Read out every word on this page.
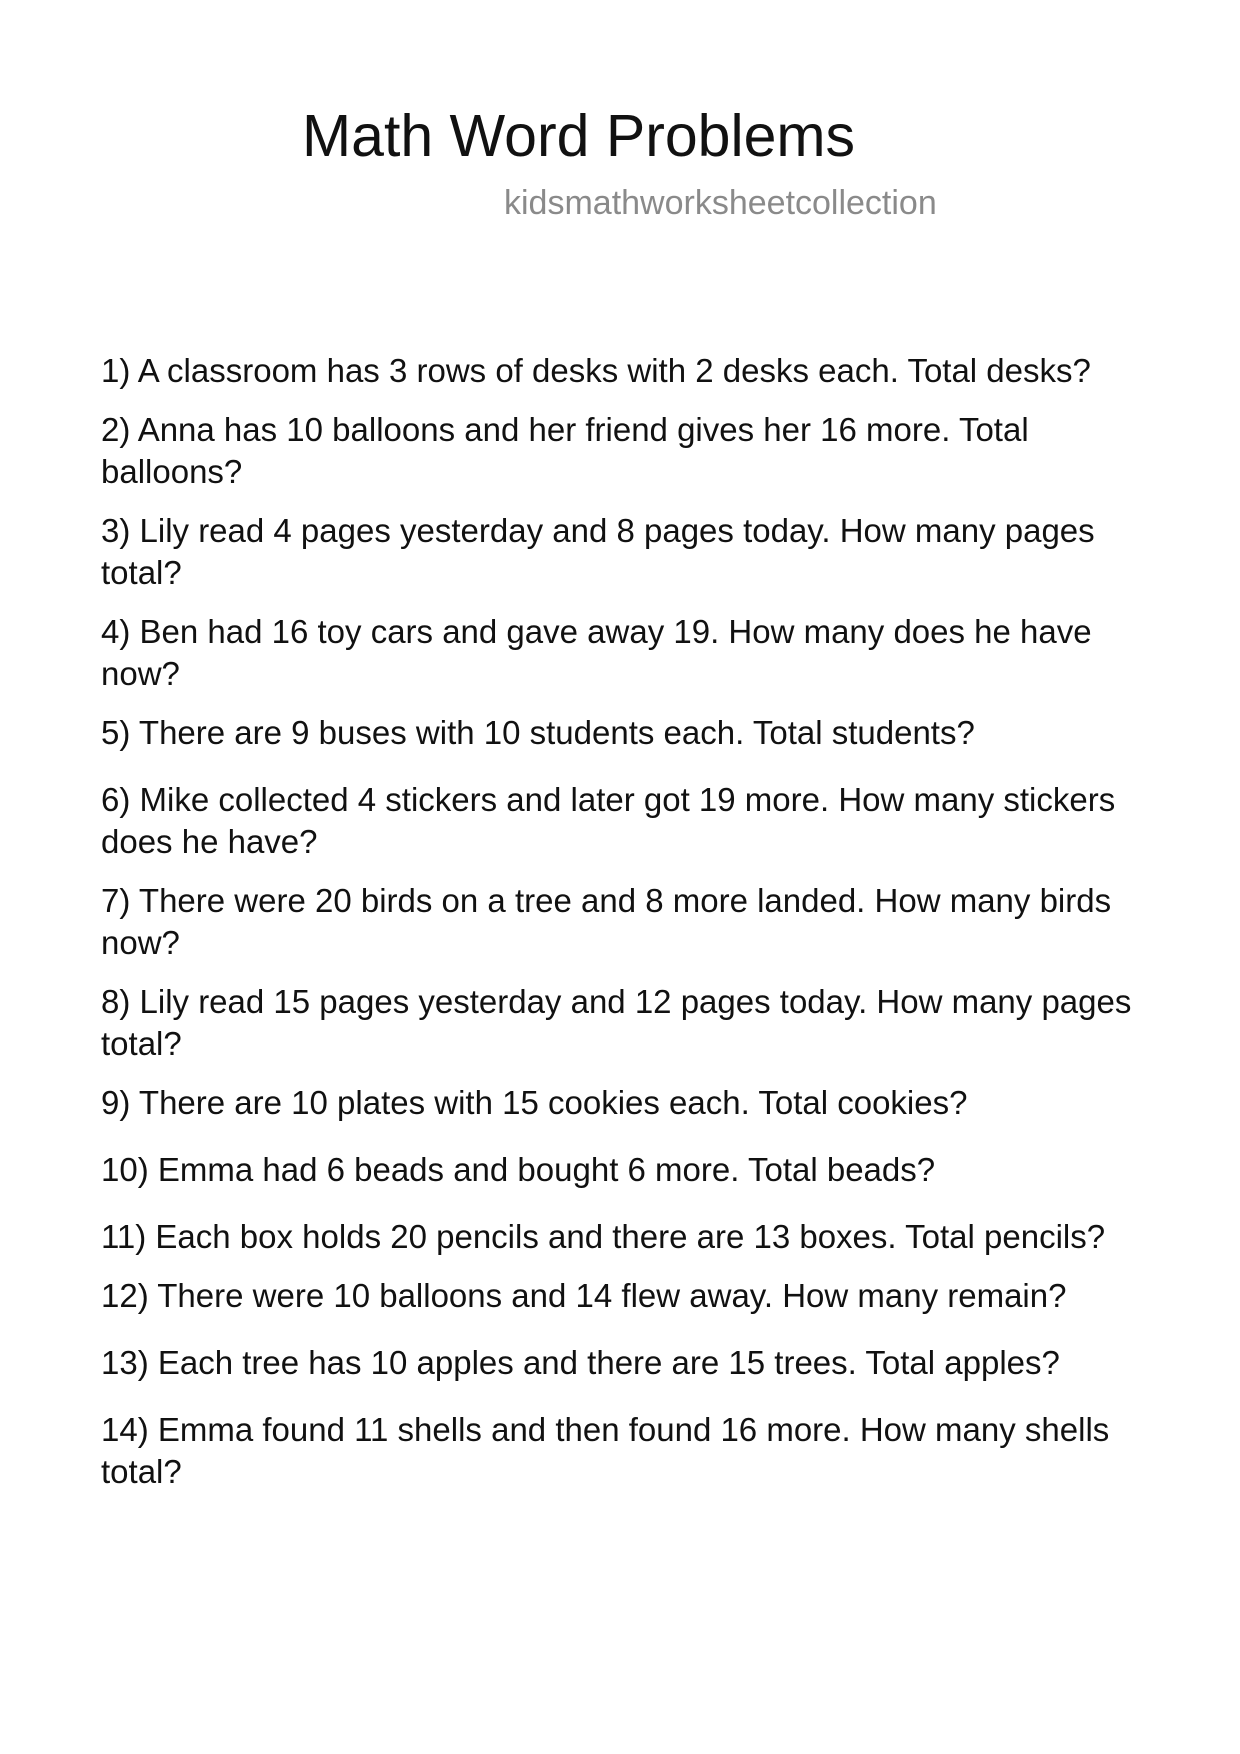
Math Word Problems

kidsmathworksheetcollection

1) A classroom has 3 rows of desks with 2 desks each. Total desks?
2) Anna has 10 balloons and her friend gives her 16 more. Total balloons?
3) Lily read 4 pages yesterday and 8 pages today. How many pages total?
4) Ben had 16 toy cars and gave away 19. How many does he have now?
5) There are 9 buses with 10 students each. Total students?
6) Mike collected 4 stickers and later got 19 more. How many stickers does he have?
7) There were 20 birds on a tree and 8 more landed. How many birds now?
8) Lily read 15 pages yesterday and 12 pages today. How many pages total?
9) There are 10 plates with 15 cookies each. Total cookies?
10) Emma had 6 beads and bought 6 more. Total beads?
11) Each box holds 20 pencils and there are 13 boxes. Total pencils?
12) There were 10 balloons and 14 flew away. How many remain?
13) Each tree has 10 apples and there are 15 trees. Total apples?
14) Emma found 11 shells and then found 16 more. How many shells total?
